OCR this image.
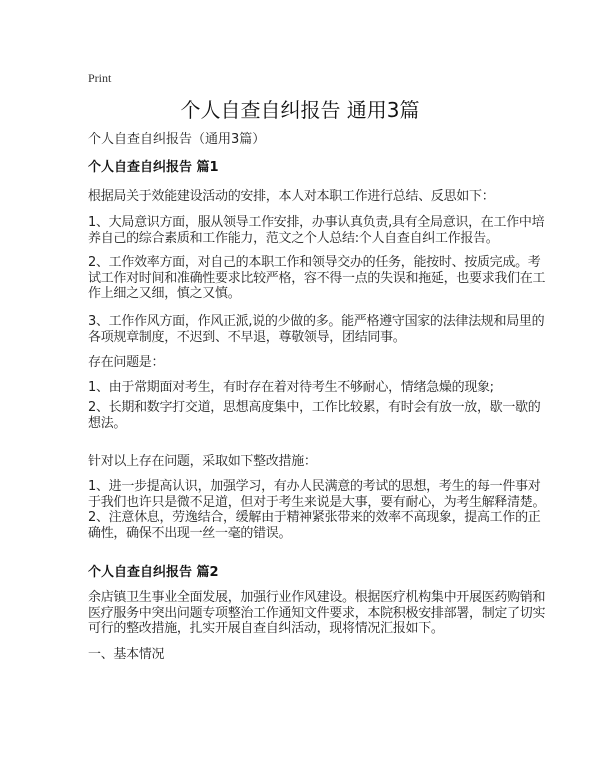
Print
个人自查自纠报告 通用3篇
个人自查自纠报告（通用3篇）
个人自查自纠报告 篇1
个人自查自纠报告 篇2
根据局关于效能建设活动的安排，本人对本职工作进行总结、反思如下：
1、大局意识方面，服从领导工作安排，办事认真负责,具有全局意识，在工作中培
养自己的综合素质和工作能力，范文之个人总结:个人自查自纠工作报告。
2、工作效率方面，对自己的本职工作和领导交办的任务，能按时、按质完成。考
试工作对时间和准确性要求比较严格，容不得一点的失误和拖延，也要求我们在工
作上细之又细，慎之又慎。
3、工作作风方面，作风正派,说的少做的多。能严格遵守国家的法律法规和局里的
各项规章制度，不迟到、不早退，尊敬领导，团结同事。
存在问题是：
1、由于常期面对考生，有时存在着对待考生不够耐心，情绪急燥的现象;
2、长期和数字打交道，思想高度集中，工作比较累，有时会有放一放，歇一歇的
想法。
针对以上存在问题，采取如下整改措施：
1、进一步提高认识，加强学习，有办人民满意的考试的思想，考生的每一件事对
于我们也许只是微不足道，但对于考生来说是大事，要有耐心，为考生解释清楚。
2、注意休息，劳逸结合，缓解由于精神紧张带来的效率不高现象，提高工作的正
确性，确保不出现一丝一毫的错误。
余店镇卫生事业全面发展，加强行业作风建设。根据医疗机构集中开展医药购销和
医疗服务中突出问题专项整治工作通知文件要求，本院积极安排部署，制定了切实
可行的整改措施，扎实开展自查自纠活动，现将情况汇报如下。
一、基本情况
